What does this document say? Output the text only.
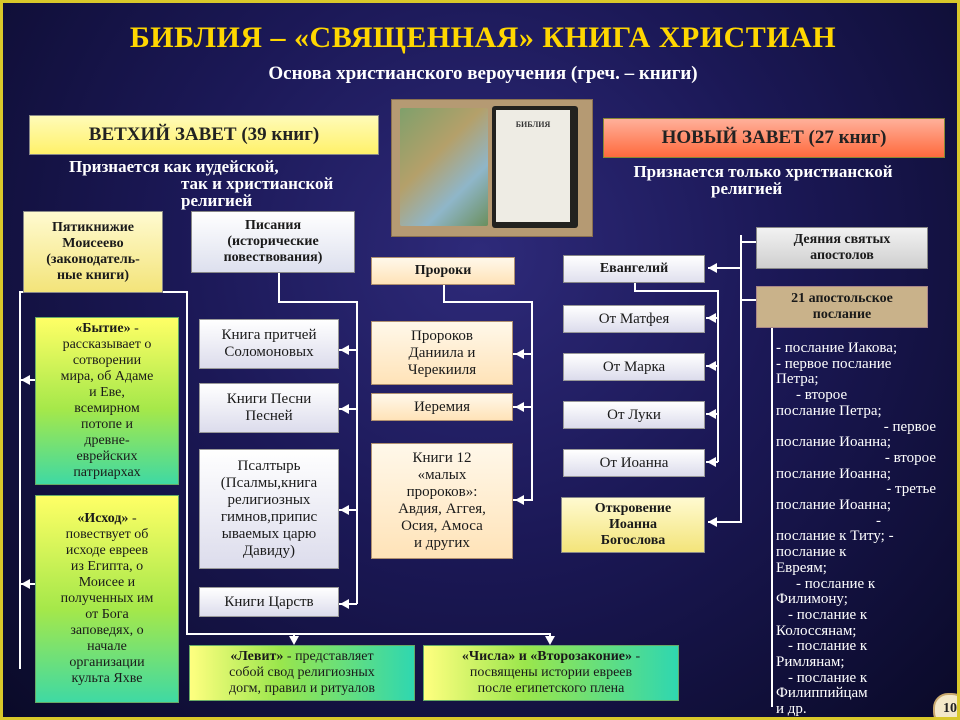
БИБЛИЯ – «СВЯЩЕННАЯ» КНИГА ХРИСТИАН
Основа христианского вероучения (греч. – книги)
БИБЛИЯ
ВЕТХИЙ ЗАВЕТ (39 книг)	НОВЫЙ ЗАВЕТ (27 книг)
Признается как иудейской,
так и христианской
религией
Признается только христианской
религией
Пятикнижие
Моисеево
(законодатель-
ные книги)
Писания
(исторические
повествования)
Пророки
«Бытие» -
рассказывает о
сотворении
мира, об Адаме
и Еве,
всемирном
потопе и
древне-
еврейских
патриархах
«Исход» -
повествует об
исходе евреев
из Египта, о
Моисее и
полученных им
от Бога
заповедях, о
начале
организации
культа Яхве
Книга притчей
Соломоновых
Книги Песни
Песней
Псалтырь
(Псалмы,книга
религиозных
гимнов,припис
ываемых царю
Давиду)
Книги Царств
Пророков
Даниила и
Черекииля
Иеремия
Книги 12
«малых
пророков»:
Авдия, Аггея,
Осия, Амоса
и других
«Левит» - представляет
собой свод религиозных
догм, правил и ритуалов
«Числа» и «Второзаконие» -
посвящены истории евреев
после египетского плена
Евангелий
От Матфея
От Марка
От Луки
От Иоанна
Откровение
Иоанна
Богослова
Деяния святых
апостолов
21 апостольское
послание
- послание Иакова;
- первое послание
Петра;
- второе
послание Петра;
- первое
послание Иоанна;
- второе
послание Иоанна;
- третье
послание Иоанна;
-
послание к Титу; -
послание к
Евреям;
- послание к
Филимону;
- послание к
Колоссянам;
- послание к
Римлянам;
- послание к
Филиппийцам
и др.	10
